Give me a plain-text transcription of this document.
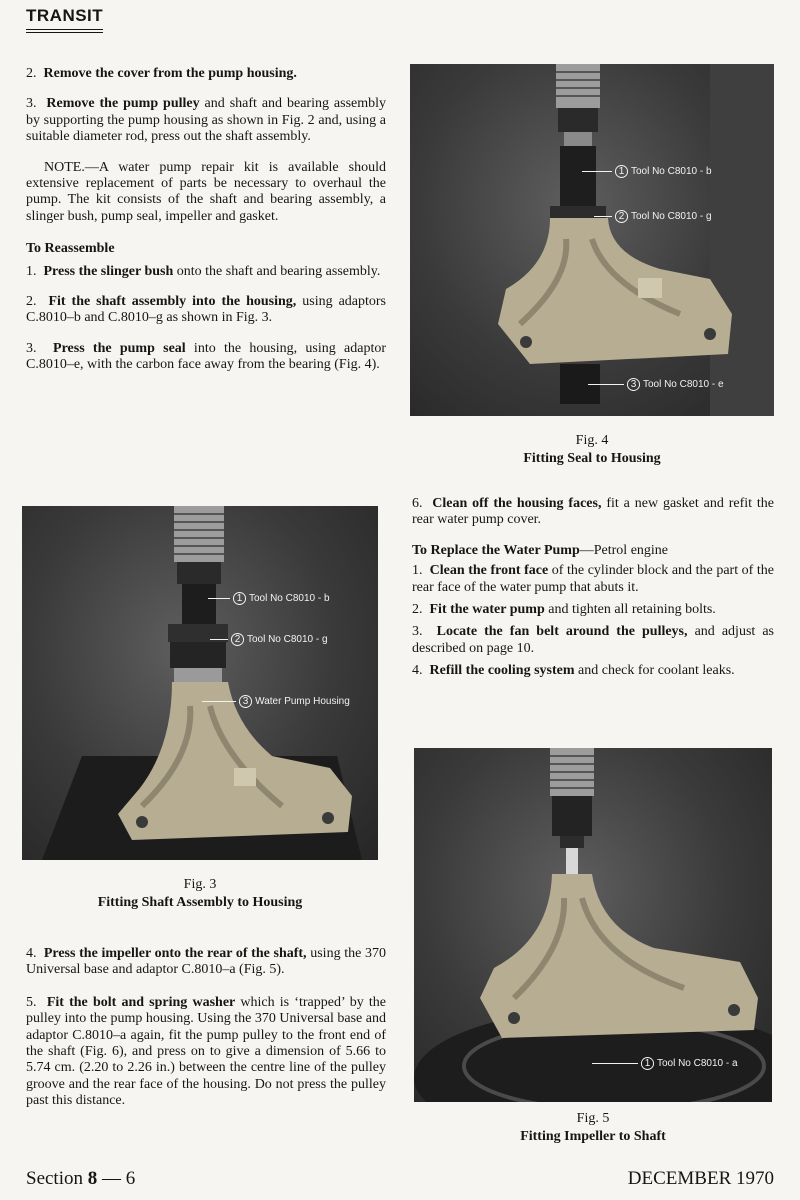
TRANSIT

2. Remove the cover from the pump housing.

3. Remove the pump pulley and shaft and bearing assembly by supporting the pump housing as shown in Fig. 2 and, using a suitable diameter rod, press out the shaft assembly.

NOTE.—A water pump repair kit is available should extensive replacement of parts be necessary to overhaul the pump. The kit consists of the shaft and bearing assembly, a slinger bush, pump seal, impeller and gasket.

To Reassemble

1. Press the slinger bush onto the shaft and bearing assembly.

2. Fit the shaft assembly into the housing, using adaptors C.8010–b and C.8010–g as shown in Fig. 3.

3. Press the pump seal into the housing, using adaptor C.8010–e, with the carbon face away from the bearing (Fig. 4).

1 Tool No C8010 - b
2 Tool No C8010 - g
3 Water Pump Housing
Fig. 3
Fitting Shaft Assembly to Housing

4. Press the impeller onto the rear of the shaft, using the 370 Universal base and adaptor C.8010–a (Fig. 5).

5. Fit the bolt and spring washer which is ‘trapped’ by the pulley into the pump housing. Using the 370 Universal base and adaptor C.8010–a again, fit the pump pulley to the front end of the shaft (Fig. 6), and press on to give a dimension of 5.66 to 5.74 cm. (2.20 to 2.26 in.) between the centre line of the pulley groove and the rear face of the housing. Do not press the pulley past this distance.

1 Tool No C8010 - b
2 Tool No C8010 - g
3 Tool No C8010 - e
Fig. 4
Fitting Seal to Housing

6. Clean off the housing faces, fit a new gasket and refit the rear water pump cover.

To Replace the Water Pump—Petrol engine

1. Clean the front face of the cylinder block and the part of the rear face of the water pump that abuts it.

2. Fit the water pump and tighten all retaining bolts.

3. Locate the fan belt around the pulleys, and adjust as described on page 10.

4. Refill the cooling system and check for coolant leaks.

1 Tool No C8010 - a
Fig. 5
Fitting Impeller to Shaft
Section 8 — 6	DECEMBER 1970
